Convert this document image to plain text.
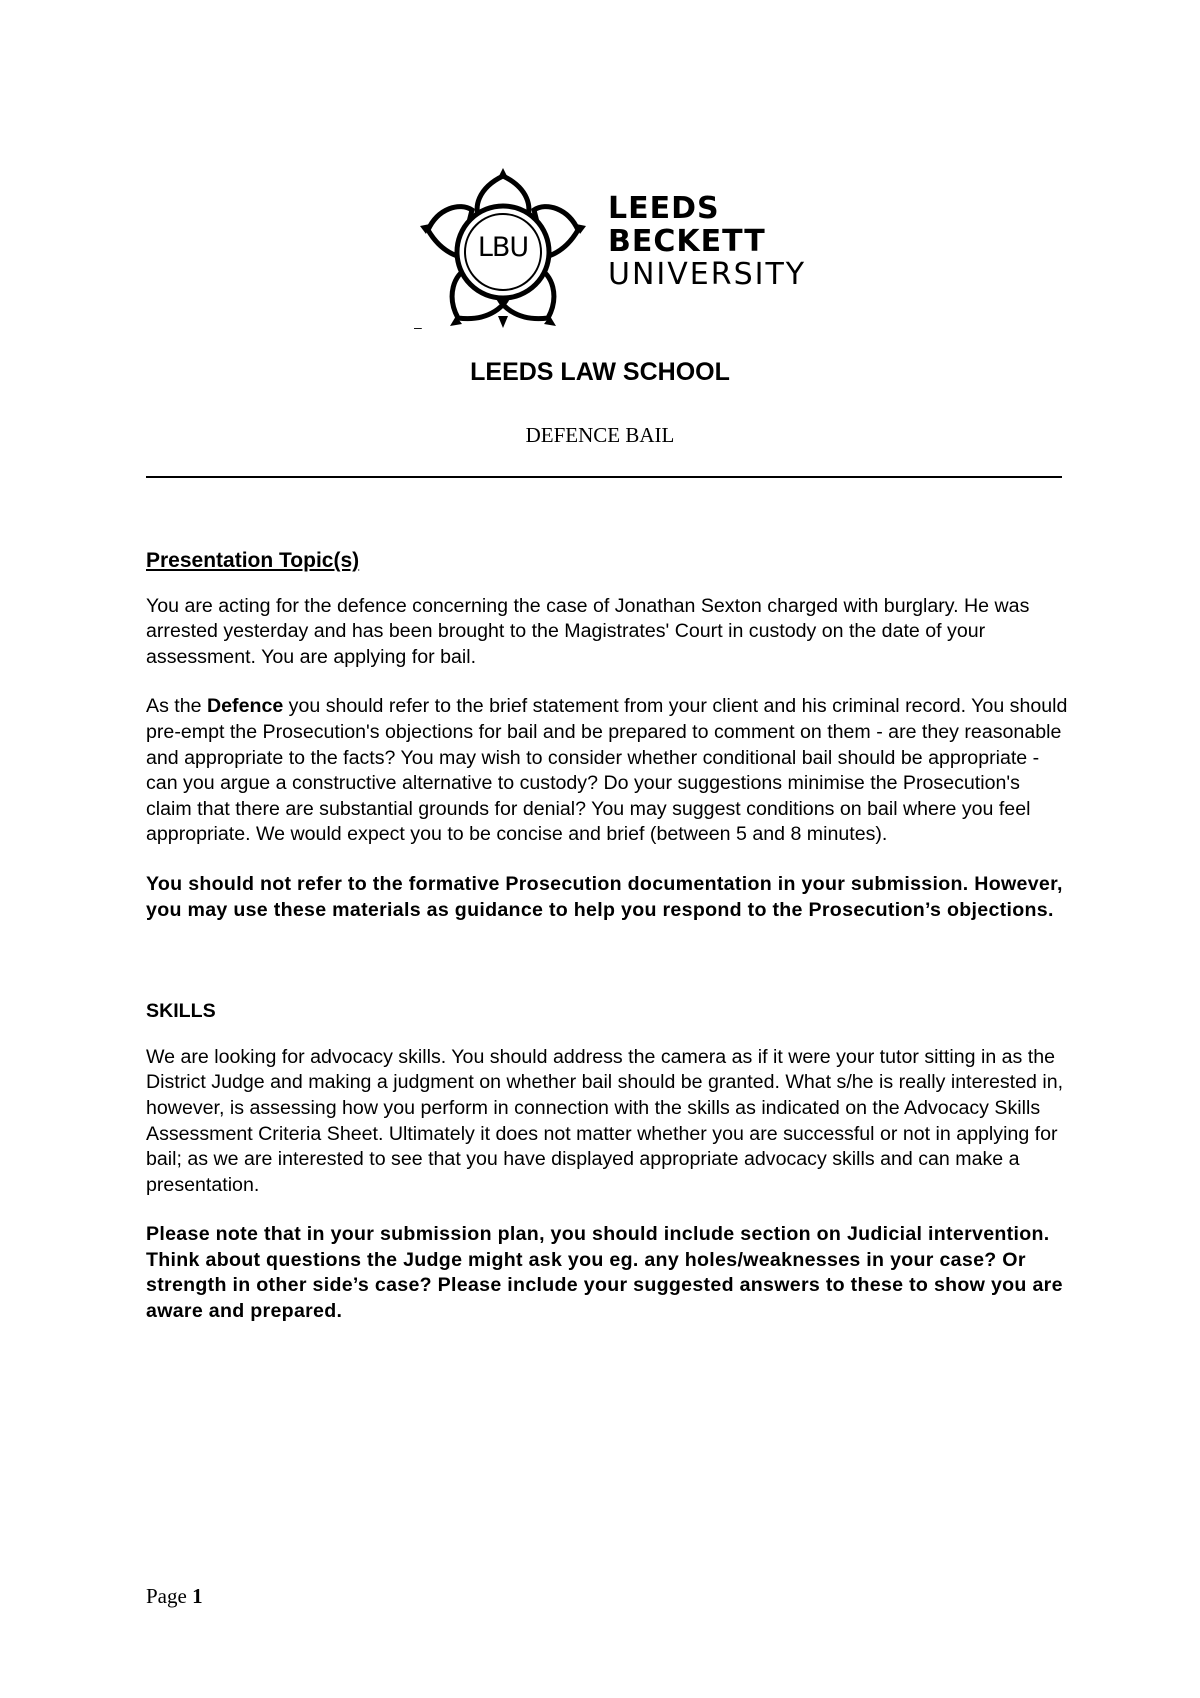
LBU
LEEDS
BECKETT
UNIVERSITY
–
LEEDS LAW SCHOOL
DEFENCE BAIL
Presentation Topic(s)

You are acting for the defence concerning the case of Jonathan Sexton charged with burglary. He was arrested yesterday and has been brought to the Magistrates' Court in custody on the date of your assessment. You are applying for bail.

As the Defence you should refer to the brief statement from your client and his criminal record. You should pre-empt the Prosecution's objections for bail and be prepared to comment on them - are they reasonable and appropriate to the facts? You may wish to consider whether conditional bail should be appropriate - can you argue a constructive alternative to custody? Do your suggestions minimise the Prosecution's claim that there are substantial grounds for denial? You may suggest conditions on bail where you feel appropriate. We would expect you to be concise and brief (between 5 and 8 minutes).

You should not refer to the formative Prosecution documentation in your submission. However, you may use these materials as guidance to help you respond to the Prosecution’s objections.

SKILLS

We are looking for advocacy skills. You should address the camera as if it were your tutor sitting in as the District Judge and making a judgment on whether bail should be granted. What s/he is really interested in, however, is assessing how you perform in connection with the skills as indicated on the Advocacy Skills Assessment Criteria Sheet. Ultimately it does not matter whether you are successful or not in applying for bail; as we are interested to see that you have displayed appropriate advocacy skills and can make a presentation.

Please note that in your submission plan, you should include section on Judicial intervention. Think about questions the Judge might ask you eg. any holes/weaknesses in your case? Or strength in other side’s case? Please include your suggested answers to these to show you are aware and prepared.

Page 1
